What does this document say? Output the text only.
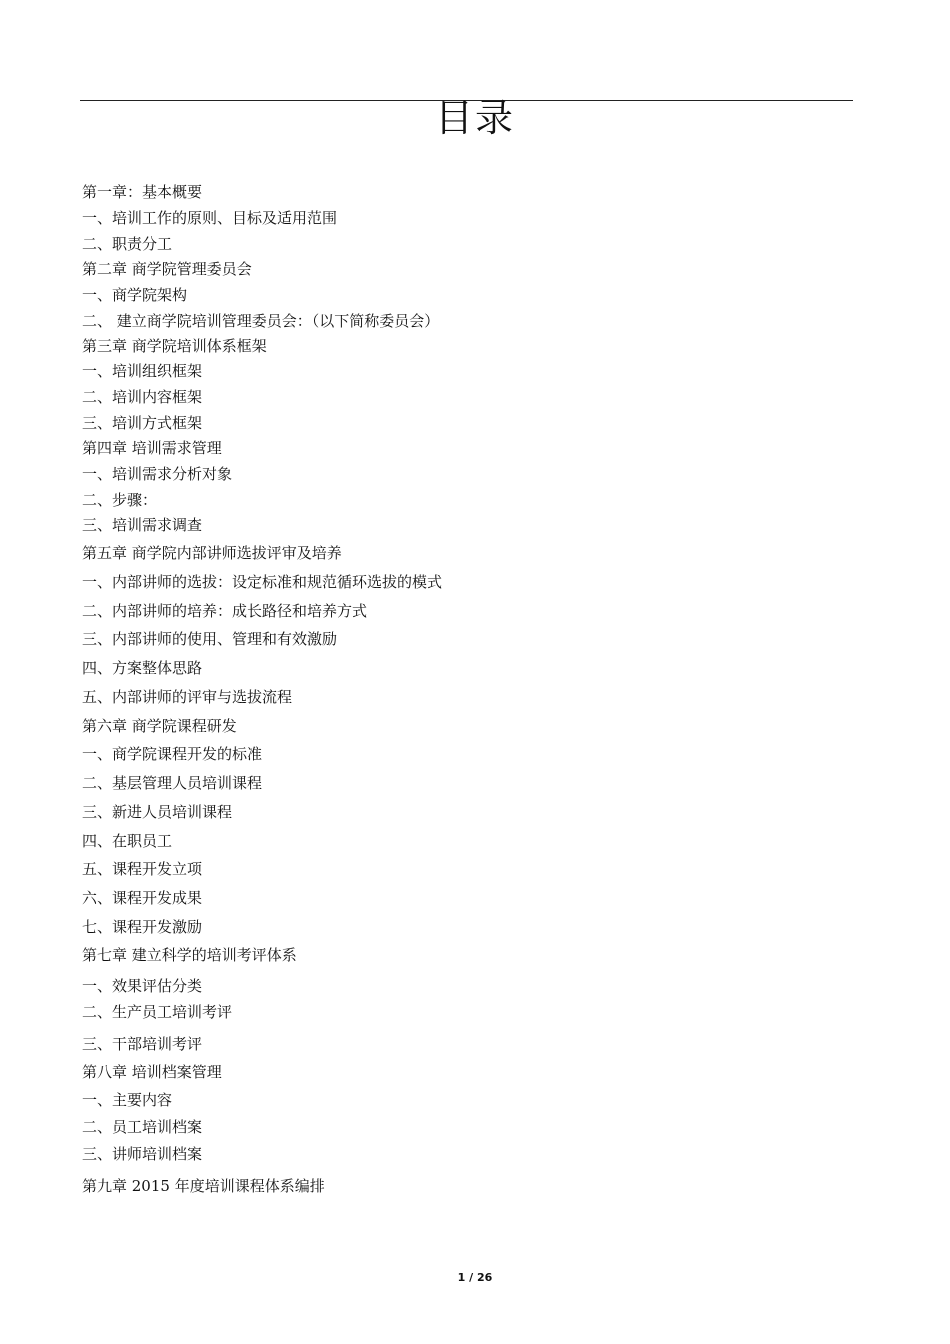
目录
第一章：基本概要
一、培训工作的原则、目标及适用范围
二、职责分工
第二章 商学院管理委员会
一、商学院架构
二、 建立商学院培训管理委员会：（以下简称委员会）
第三章 商学院培训体系框架
一、培训组织框架
二、培训内容框架
三、培训方式框架
第四章 培训需求管理
一、培训需求分析对象
二、步骤：
三、培训需求调查
第五章 商学院内部讲师选拔评审及培养
一、内部讲师的选拔：设定标准和规范循环选拔的模式
二、内部讲师的培养：成长路径和培养方式
三、内部讲师的使用、管理和有效激励
四、方案整体思路
五、内部讲师的评审与选拔流程
第六章 商学院课程研发
一、商学院课程开发的标准
二、基层管理人员培训课程
三、新进人员培训课程
四、在职员工
五、课程开发立项
六、课程开发成果
七、课程开发激励
第七章 建立科学的培训考评体系
一、效果评估分类
二、生产员工培训考评
三、干部培训考评
第八章 培训档案管理
一、主要内容
二、员工培训档案
三、讲师培训档案
第九章 2015 年度培训课程体系编排
1 / 26
